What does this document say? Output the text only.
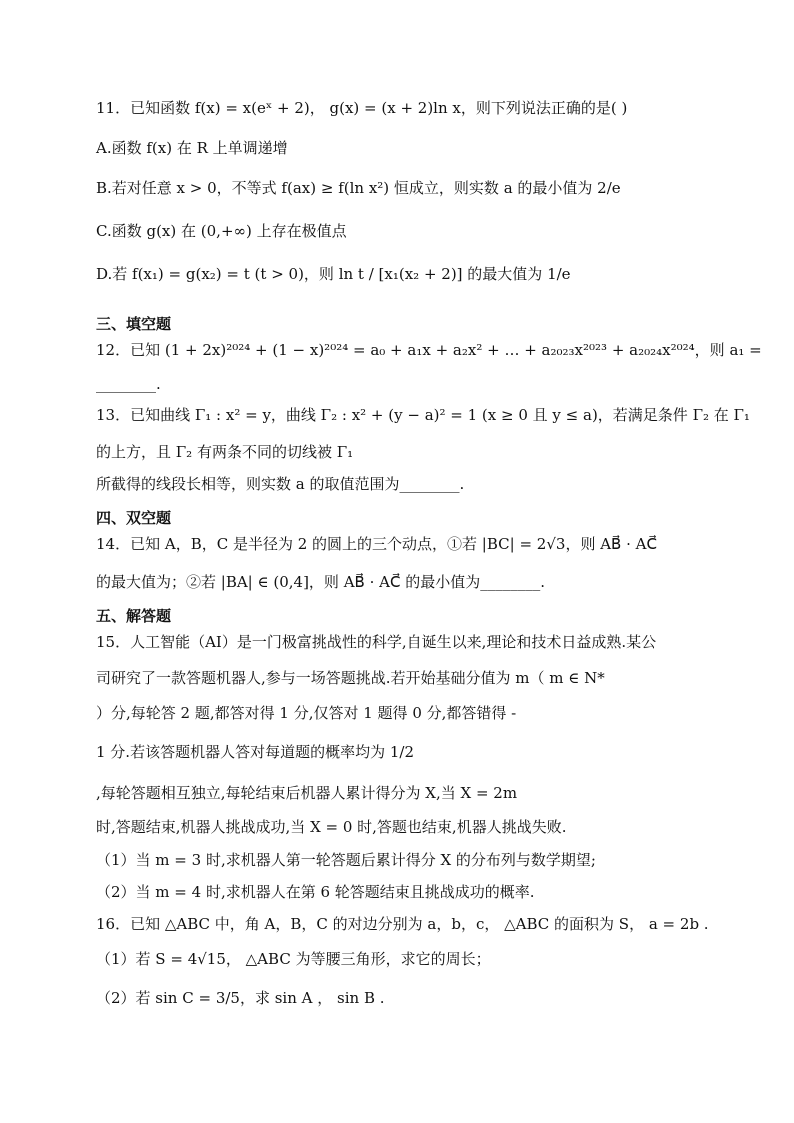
11．已知函数 f(x) = x(eˣ + 2)， g(x) = (x + 2)ln x，则下列说法正确的是( )
A.函数 f(x) 在 R 上单调递增
B.若对任意 x > 0，不等式 f(ax) ≥ f(ln x²) 恒成立，则实数 a 的最小值为 2/e
C.函数 g(x) 在 (0,+∞) 上存在极值点
D.若 f(x₁) = g(x₂) = t (t > 0)，则 ln t / [x₁(x₂ + 2)] 的最大值为 1/e
三、填空题
12．已知 (1 + 2x)²⁰²⁴ + (1 − x)²⁰²⁴ = a₀ + a₁x + a₂x² + … + a₂₀₂₃x²⁰²³ + a₂₀₂₄x²⁰²⁴，则 a₁ =
________.
13．已知曲线 Γ₁ : x² = y，曲线 Γ₂ : x² + (y − a)² = 1 (x ≥ 0 且 y ≤ a)，若满足条件 Γ₂ 在 Γ₁
的上方，且 Γ₂ 有两条不同的切线被 Γ₁
所截得的线段长相等，则实数 a 的取值范围为________.
四、双空题
14．已知 A，B，C 是半径为 2 的圆上的三个动点，①若 |BC| = 2√3，则 AB⃗ · AC⃗
的最大值为；②若 |BA| ∈ (0,4]，则 AB⃗ · AC⃗ 的最小值为________.
五、解答题
15．人工智能（AI）是一门极富挑战性的科学,自诞生以来,理论和技术日益成熟.某公
司研究了一款答题机器人,参与一场答题挑战.若开始基础分值为 m（ m ∈ N*
）分,每轮答 2 题,都答对得 1 分,仅答对 1 题得 0 分,都答错得 -
1 分.若该答题机器人答对每道题的概率均为 1/2
,每轮答题相互独立,每轮结束后机器人累计得分为 X,当 X = 2m
时,答题结束,机器人挑战成功,当 X = 0 时,答题也结束,机器人挑战失败.
（1）当 m = 3 时,求机器人第一轮答题后累计得分 X 的分布列与数学期望;
（2）当 m = 4 时,求机器人在第 6 轮答题结束且挑战成功的概率.
16．已知 △ABC 中，角 A，B，C 的对边分别为 a，b，c， △ABC 的面积为 S， a = 2b .
（1）若 S = 4√15， △ABC 为等腰三角形，求它的周长；
（2）若 sin C = 3/5，求 sin A ， sin B .
